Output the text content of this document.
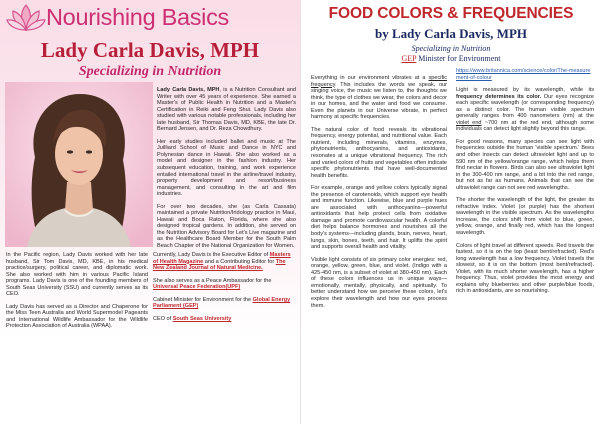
Nourishing Basics
Lady Carla Davis, MPH
Specializing in Nutrition

Lady Carla Davis, MPH, is a Nutrition Consultant and Writer with over 45 years of experience. She earned a Master's of Public Health in Nutrition and a Master's Certification in Reiki and Feng Shui. Lady Davis also studied with various notable professionals, including her late husband, Sir Thomas Davis, MD, KBE, the late Dr. Bernard Jensen, and Dr. Reza Chowdhury.

Her early studies included ballet and music at The Juilliard School of Music and Dance in NYC and Polynesian dance in Hawaii. She also worked as a model and designer in the fashion industry. Her subsequent education, training, and work experience entailed international travel in the airline/travel industry, property development and resort/business management, and consulting in the art and film industries.

For over two decades, she (as Carla Cassata) maintained a private Nutrition/Iridology practice in Maui, Hawaii and Boca Raton, Florida, where she also designed tropical gardens. In addition, she served on the Nutrition Advisory Board for Let's Live magazine and as the Healthcare Board Member for the South Palm Beach Chapter of the National Organization for Women.

In the Pacific region, Lady Davis worked with her late husband, Sir Tom Davis, MD, KBE, in his medical practice/surgery, political career, and diplomatic work. She also worked with him in various Pacific Island programs. Lady Davis is one of the founding members of South Seas University (SSU) and currently serves as its CEO.

Lady Davis has served as a Director and Chaperone for the Miss Teen Australia and World Supermodel Pageants and International Wildlife Ambassador for the Wildlife Protection Association of Australia (WPAA).

Currently, Lady Davis is the Executive Editor of Masters of Health Magazine and a Contributing Editor for The New Zealand Journal of Natural Medicine.

She also serves as a Peace Ambassador for the Universal Peace Federation(UPF)

Cabinet Minister for Environment for the Global Energy Parliament (GEP)

CEO of South Seas University

FOOD COLORS & FREQUENCIES
by Lady Carla Davis, MPH
Specializing in Nutrition
GEP Minister for Environment

Everything in our environment vibrates at a specific frequency. This includes the words we speak, our singing voice, the music we listen to, the thoughts we think, the type of clothes we wear, the colors and decor in our homes, and the water and food we consume. Even the planets in our Universe vibrate, in perfect harmony at specific frequencies.

The natural color of food reveals its vibrational frequency, energy potential, and nutritional value. Each nutrient, including minerals, vitamins, enzymes, phytonutrients, anthocyanins, and antioxidants, resonates at a unique vibrational frequency. The rich and varied colors of fruits and vegetables often indicate specific phytonutrients that have well-documented health benefits.

For example, orange and yellow colors typically signal the presence of carotenoids, which support eye health and immune function. Likewise, blue and purple hues are associated with anthocyanins—powerful antioxidants that help protect cells from oxidative damage and promote cardiovascular health. A colorful diet helps balance hormones and nourishes all the body's systems—including glands, brain, nerves, heart, lungs, skin, bones, teeth, and hair. It uplifts the spirit and supports overall health and vitality.

Visible light consists of six primary color energies: red, orange, yellow, green, blue, and violet. (Indigo with a 425-450 nm, is a subset of violet at 380-450 nm). Each of these colors influences us in unique ways—emotionally, mentally, physically, and spiritually. To better understand how we perceive these colors, let's explore their wavelength and how our eyes process them.

https://www.britannica.com/science/color/The-measurement-of-colour

Light is measured by its wavelength, while its frequency determines its color. Our eyes recognize each specific wavelength (or corresponding frequency) as a distinct color. The human visible spectrum generally ranges from 400 nanometers (nm) at the violet end ~700 nm at the red end, although some individuals can detect light slightly beyond this range.

For good reasons, many species can see light with frequencies outside the human 'visible spectrum.' Bees and other insects can detect ultraviolet light and up to 590 nm of the yellow/orange range, which helps them find nectar in flowers. Birds can also see ultraviolet light in the 300-400 nm range, and a bit into the red range, but not as far as humans. Animals that can see the ultraviolet range can not see red wavelengths.

The shorter the wavelength of the light, the greater its refractive index. Violet (or purple) has the shortest wavelength in the visible spectrum. As the wavelengths increase, the colors shift from violet to blue, green, yellow, orange, and finally red, which has the longest wavelength.

Colors of light travel at different speeds. Red travels the fastest, so it is on the top (least bent/refracted). Red's long wavelength has a low frequency. Violet travels the slowest, so it is on the bottom (most bent/refracted). Violet, with its much shorter wavelength, has a higher frequency. Thus, violet provides the most energy and explains why blueberries and other purple/blue foods, rich in antioxidants, are so nourishing.
